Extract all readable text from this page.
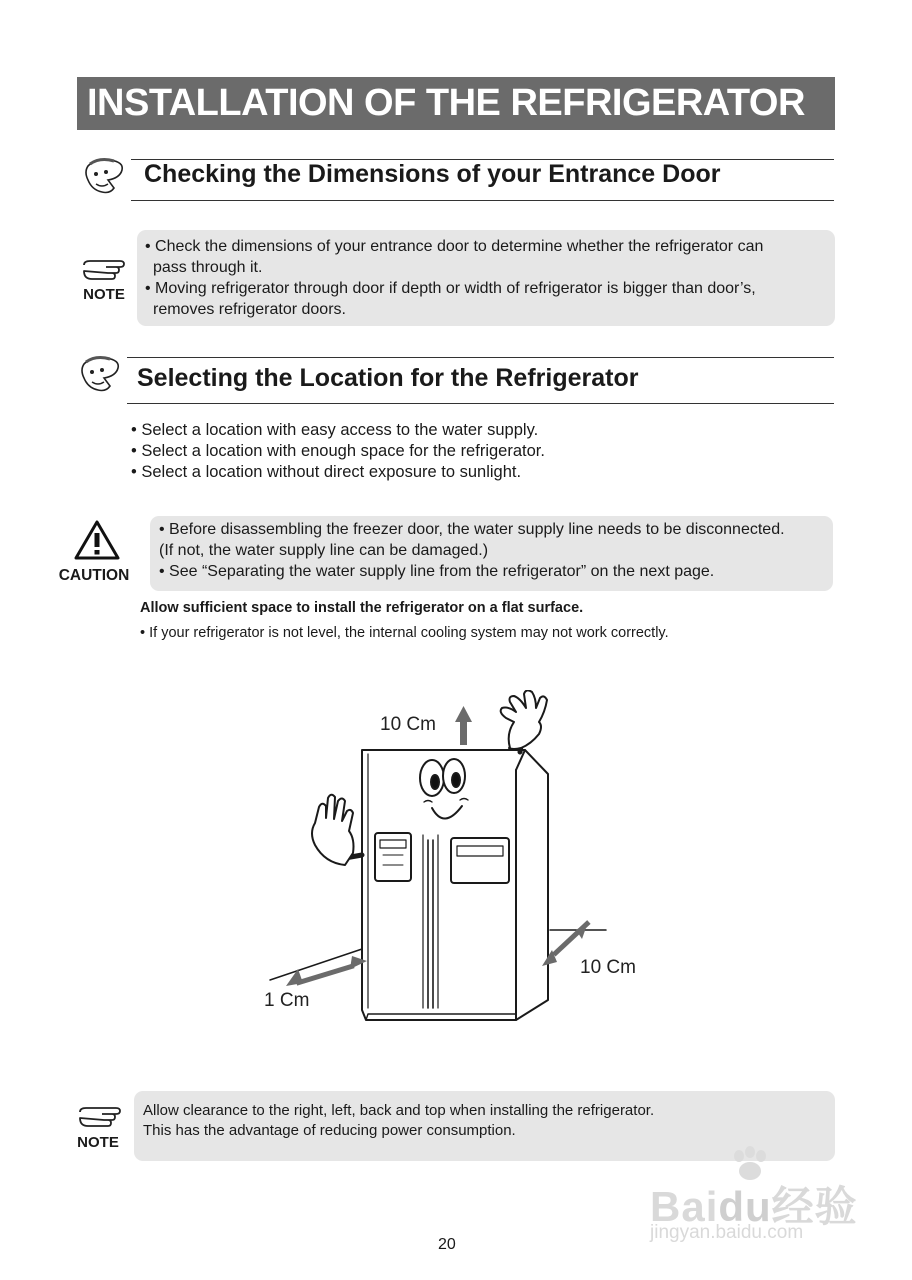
INSTALLATION OF THE REFRIGERATOR
Checking the Dimensions of your Entrance Door
NOTE

• Check the dimensions of your entrance door to determine whether the refrigerator can

pass through it.

• Moving refrigerator through door if depth or width of refrigerator is bigger than door’s,

removes refrigerator doors.

Selecting the Location for the Refrigerator
• Select a location with easy access to the water supply.
• Select a location with enough space for the refrigerator.
• Select a location without direct exposure to sunlight.
CAUTION

• Before disassembling the freezer door, the water supply line needs to be disconnected.

(If not, the water supply line can be damaged.)

• See “Separating the water supply line from the refrigerator” on the next page.

Allow sufficient space to install the refrigerator on a flat surface.
• If your refrigerator is not level, the internal cooling system may not work correctly.
10 Cm
1 Cm
10 Cm
NOTE

Allow clearance to the right, left, back and top when installing the refrigerator.

This has the advantage of reducing power consumption.

Baidu经验
jingyan.baidu.com
20
